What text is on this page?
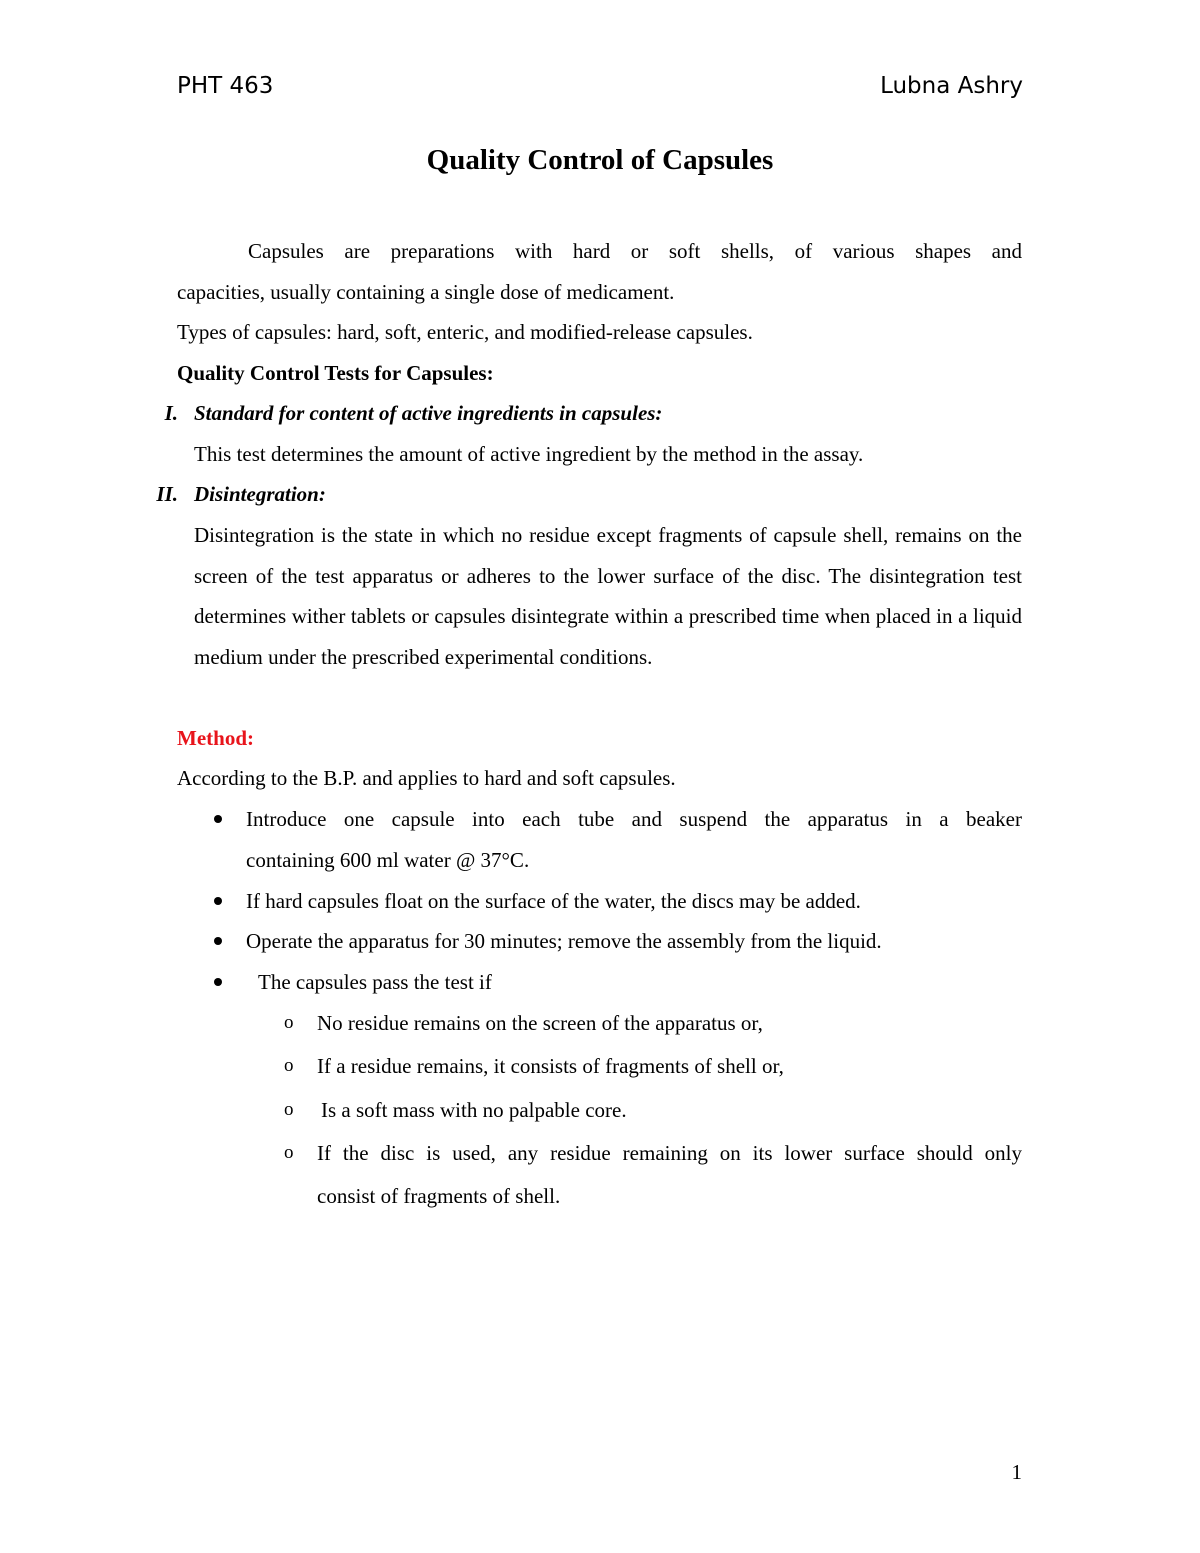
PHT 463	Lubna Ashry
Quality Control of Capsules
Capsules are preparations with hard or soft shells, of various shapes and
capacities, usually containing a single dose of medicament.
Types of capsules: hard, soft, enteric, and modified-release capsules.
Quality Control Tests for Capsules:
I. Standard for content of active ingredients in capsules:
This test determines the amount of active ingredient by the method in the assay.
II. Disintegration:
Disintegration is the state in which no residue except fragments of capsule shell, remains on the screen of the test apparatus or adheres to the lower surface of the disc. The disintegration test determines wither tablets or capsules disintegrate within a prescribed time when placed in a liquid medium under the prescribed experimental conditions.
Method:
According to the B.P. and applies to hard and soft capsules.
Introduce one capsule into each tube and suspend the apparatus in a beaker
containing 600 ml water @ 37°C.
If hard capsules float on the surface of the water, the discs may be added.
Operate the apparatus for 30 minutes; remove the assembly from the liquid.
The capsules pass the test if
o No residue remains on the screen of the apparatus or,
o If a residue remains, it consists of fragments of shell or,
o Is a soft mass with no palpable core.
o If the disc is used, any residue remaining on its lower surface should only
consist of fragments of shell.
1
